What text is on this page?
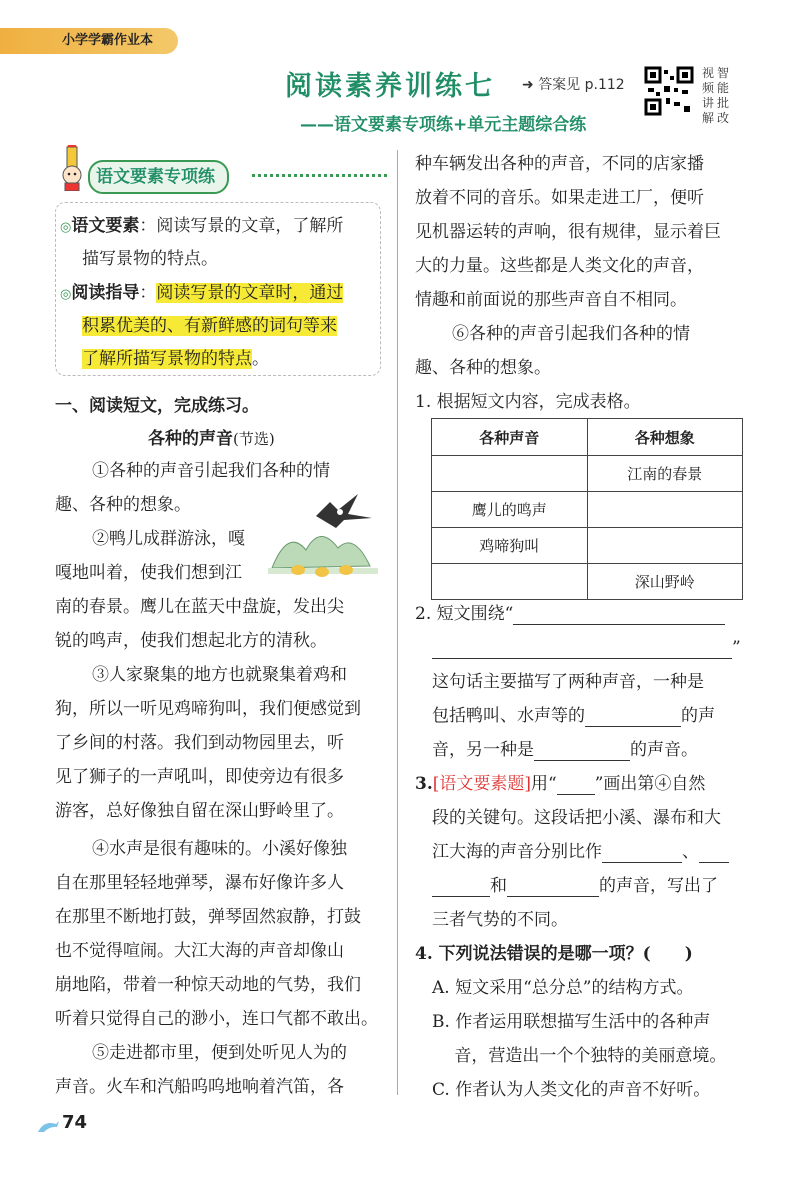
小学学霸作业本
阅读素养训练七 ➜ 答案见 p.112
视频讲解
智能批改
——语文要素专项练+单元主题综合练
语文要素专项练
◎语文要素：阅读写景的文章，了解所
描写景物的特点。
◎阅读指导：阅读写景的文章时，通过
积累优美的、有新鲜感的词句等来
了解所描写景物的特点。
一、阅读短文，完成练习。
各种的声音(节选)
①各种的声音引起我们各种的情
趣、各种的想象。
②鸭儿成群游泳，嘎
嘎地叫着，使我们想到江
南的春景。鹰儿在蓝天中盘旋，发出尖
锐的鸣声，使我们想起北方的清秋。
③人家聚集的地方也就聚集着鸡和
狗，所以一听见鸡啼狗叫，我们便感觉到
了乡间的村落。我们到动物园里去，听
见了狮子的一声吼叫，即使旁边有很多
游客，总好像独自留在深山野岭里了。
④水声是很有趣味的。小溪好像独
自在那里轻轻地弹琴，瀑布好像许多人
在那里不断地打鼓，弹琴固然寂静，打鼓
也不觉得喧闹。大江大海的声音却像山
崩地陷，带着一种惊天动地的气势，我们
听着只觉得自己的渺小，连口气都不敢出。
⑤走进都市里，便到处听见人为的
声音。火车和汽船呜呜地响着汽笛，各
种车辆发出各种的声音，不同的店家播
放着不同的音乐。如果走进工厂，便听
见机器运转的声响，很有规律，显示着巨
大的力量。这些都是人类文化的声音，
情趣和前面说的那些声音自不相同。
⑥各种的声音引起我们各种的情
趣、各种的想象。
1. 根据短文内容，完成表格。
各种声音	各种想象
	江南的春景
鹰儿的鸣声	
鸡啼狗叫	
	深山野岭
2. 短文围绕“
”
这句话主要描写了两种声音，一种是
包括鸭叫、水声等的	的声
音，另一种是	的声音。
3.[语文要素题]用“ ”画出第④自然
段的关键句。这段话把小溪、瀑布和大
江大海的声音分别比作	、
和	的声音，写出了
三者气势的不同。
4. 下列说法错误的是哪一项？(　　)
A. 短文采用“总分总”的结构方式。
B. 作者运用联想描写生活中的各种声
　 音，营造出一个个独特的美丽意境。
C. 作者认为人类文化的声音不好听。
74
